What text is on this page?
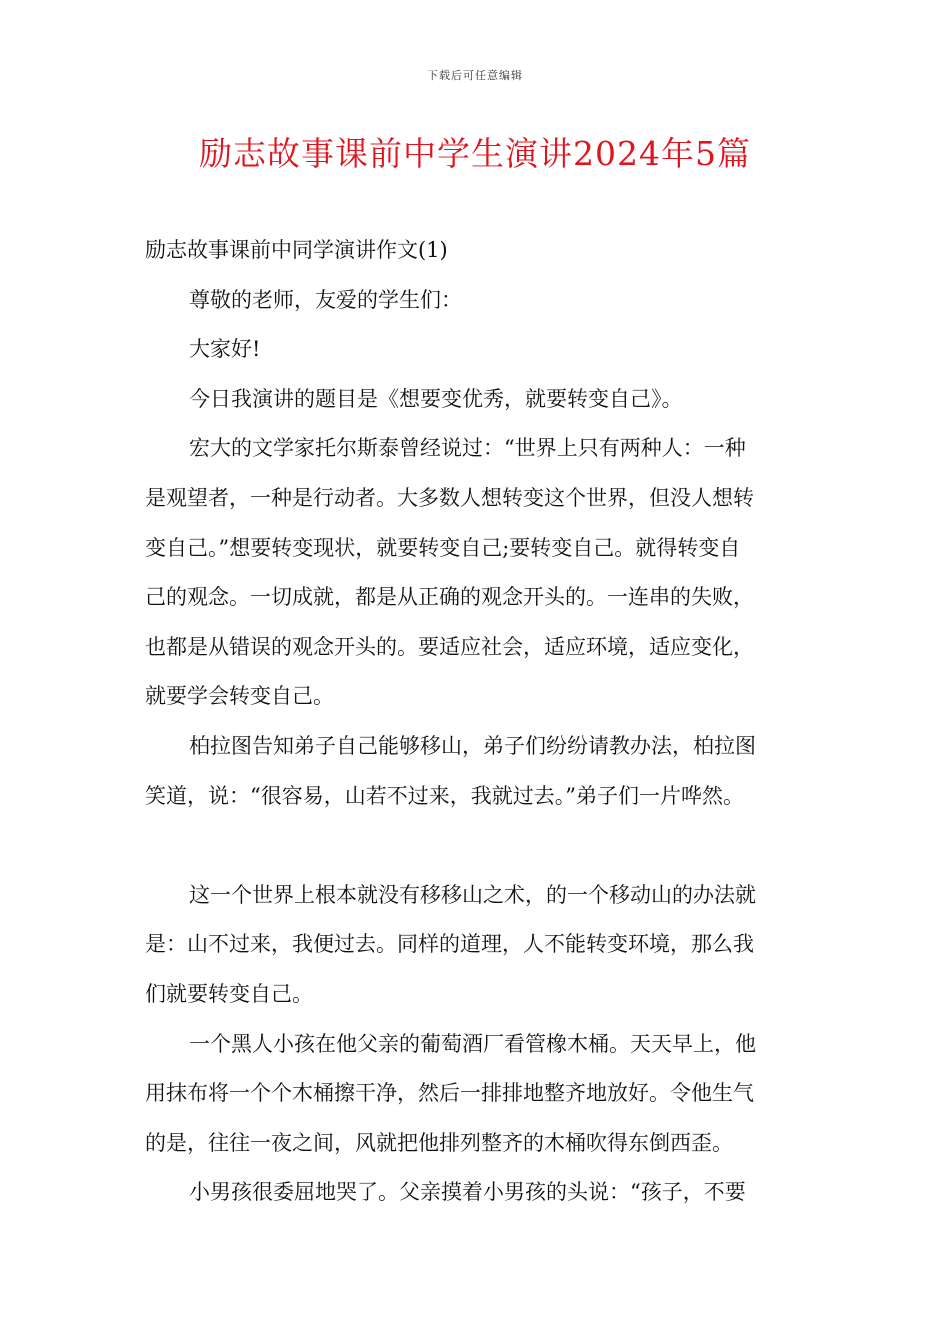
下载后可任意编辑
励志故事课前中学生演讲2024年5篇
励志故事课前中同学演讲作文(1)
尊敬的老师，友爱的学生们：
大家好!
今日我演讲的题目是《想要变优秀，就要转变自己》。
宏大的文学家托尔斯泰曾经说过：“世界上只有两种人：一种
是观望者，一种是行动者。大多数人想转变这个世界，但没人想转
变自己。”想要转变现状，就要转变自己;要转变自己。就得转变自
己的观念。一切成就，都是从正确的观念开头的。一连串的失败，
也都是从错误的观念开头的。要适应社会，适应环境，适应变化，
就要学会转变自己。
柏拉图告知弟子自己能够移山，弟子们纷纷请教办法，柏拉图
笑道，说：“很容易，山若不过来，我就过去。”弟子们一片哗然。
这一个世界上根本就没有移移山之术，的一个移动山的办法就
是：山不过来，我便过去。同样的道理，人不能转变环境，那么我
们就要转变自己。
一个黑人小孩在他父亲的葡萄酒厂看管橡木桶。天天早上，他
用抹布将一个个木桶擦干净，然后一排排地整齐地放好。令他生气
的是，往往一夜之间，风就把他排列整齐的木桶吹得东倒西歪。
小男孩很委屈地哭了。父亲摸着小男孩的头说：“孩子，不要
